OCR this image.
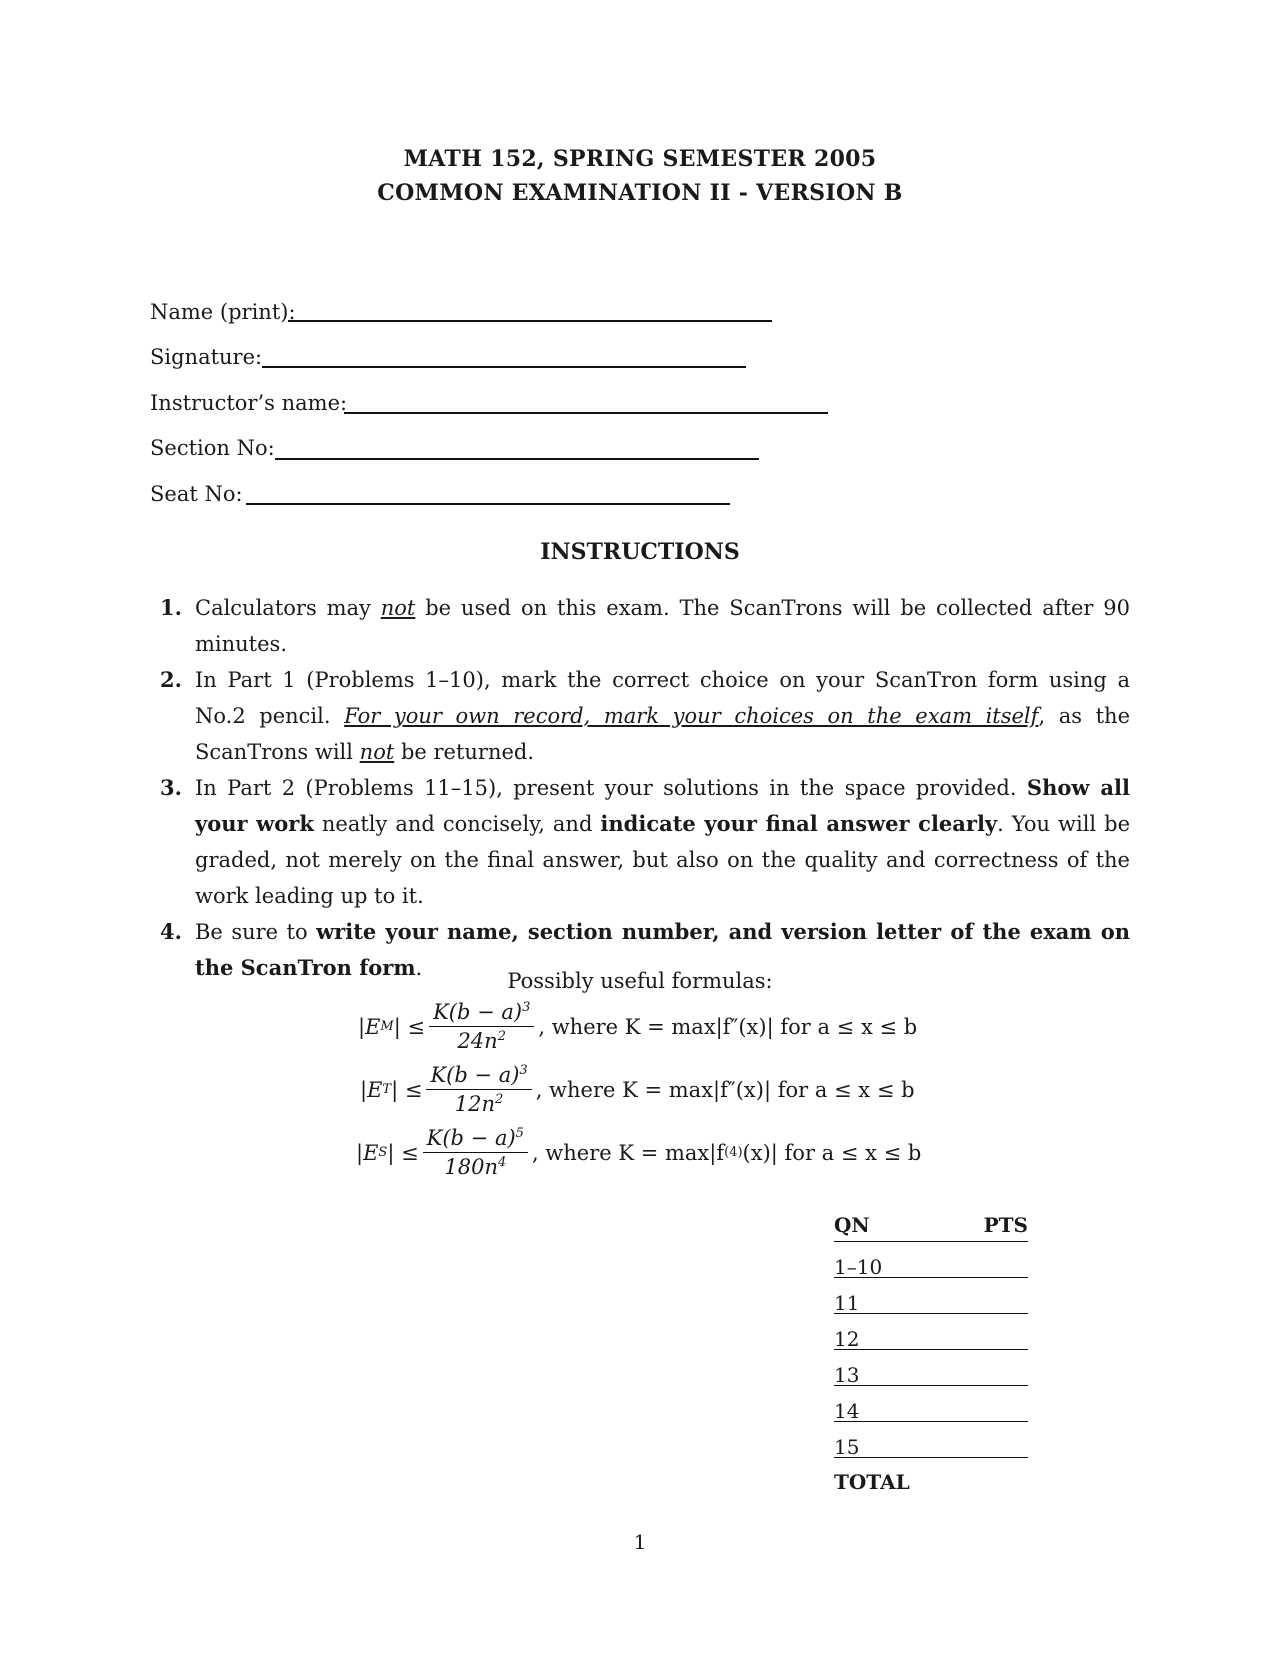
MATH 152, SPRING SEMESTER 2005
COMMON EXAMINATION II - VERSION B
Name (print):
Signature:
Instructor’s name:
Section No:
Seat No:
INSTRUCTIONS
1. Calculators may not be used on this exam. The ScanTrons will be collected after 90 minutes.
2. In Part 1 (Problems 1–10), mark the correct choice on your ScanTron form using a No.2 pencil. For your own record, mark your choices on the exam itself, as the ScanTrons will not be returned.
3. In Part 2 (Problems 11–15), present your solutions in the space provided. Show all your work neatly and concisely, and indicate your final answer clearly. You will be graded, not merely on the final answer, but also on the quality and correctness of the work leading up to it.
4. Be sure to write your name, section number, and version letter of the exam on the ScanTron form.
Possibly useful formulas:
|E M | ≤ $\frac{K(b - a)^3}{24n^2}$ , where K = max|f″(x)| for a ≤ x ≤ b
|E T | ≤ $\frac{K(b - a)^3}{12n^2}$ , where K = max|f″(x)| for a ≤ x ≤ b
|E S | ≤ $\frac{K(b - a)^5}{180n^4}$ , where K = max|f (4) (x)| for a ≤ x ≤ b
QN	PTS
1–10
11
12
13
14
15
TOTAL
1
